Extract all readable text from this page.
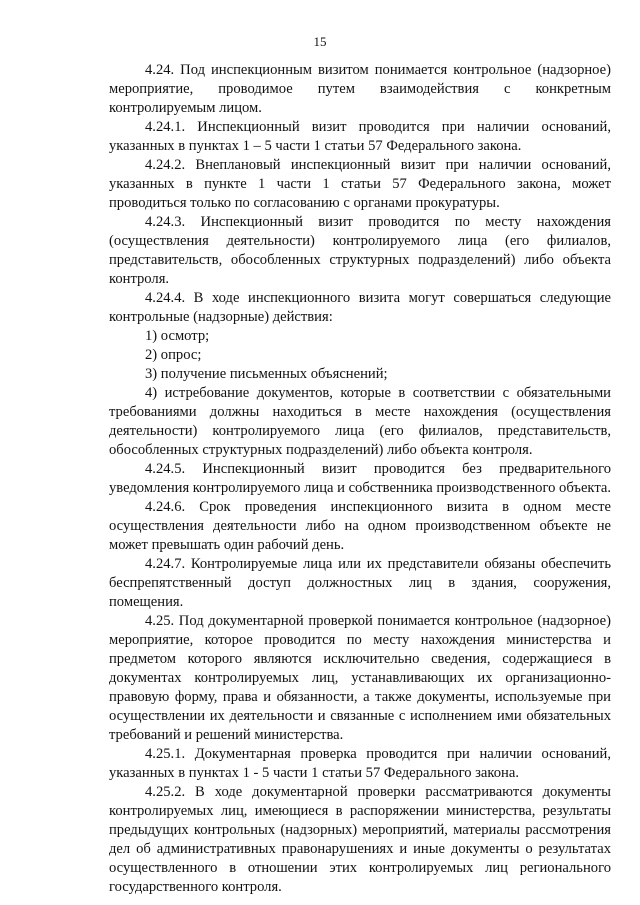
15

4.24. Под инспекционным визитом понимается контрольное (надзорное) мероприятие, проводимое путем взаимодействия с конкретным контролируемым лицом.

4.24.1. Инспекционный визит проводится при наличии оснований, указанных в пунктах 1 – 5 части 1 статьи 57 Федерального закона.

4.24.2. Внеплановый инспекционный визит при наличии оснований, указанных в пункте 1 части 1 статьи 57 Федерального закона, может проводиться только по согласованию с органами прокуратуры.

4.24.3. Инспекционный визит проводится по месту нахождения (осуществления деятельности) контролируемого лица (его филиалов, представительств, обособленных структурных подразделений) либо объекта контроля.

4.24.4. В ходе инспекционного визита могут совершаться следующие контрольные (надзорные) действия:

1) осмотр;

2) опрос;

3) получение письменных объяснений;

4) истребование документов, которые в соответствии с обязательными требованиями должны находиться в месте нахождения (осуществления деятельности) контролируемого лица (его филиалов, представительств, обособленных структурных подразделений) либо объекта контроля.

4.24.5. Инспекционный визит проводится без предварительного уведомления контролируемого лица и собственника производственного объекта.

4.24.6. Срок проведения инспекционного визита в одном месте осуществления деятельности либо на одном производственном объекте не может превышать один рабочий день.

4.24.7. Контролируемые лица или их представители обязаны обеспечить беспрепятственный доступ должностных лиц в здания, сооружения, помещения.

4.25. Под документарной проверкой понимается контрольное (надзорное) мероприятие, которое проводится по месту нахождения министерства и предметом которого являются исключительно сведения, содержащиеся в документах контролируемых лиц, устанавливающих их организационно-правовую форму, права и обязанности, а также документы, используемые при осуществлении их деятельности и связанные с исполнением ими обязательных требований и решений министерства.

4.25.1. Документарная проверка проводится при наличии оснований, указанных в пунктах 1 - 5 части 1 статьи 57 Федерального закона.

4.25.2. В ходе документарной проверки рассматриваются документы контролируемых лиц, имеющиеся в распоряжении министерства, результаты предыдущих контрольных (надзорных) мероприятий, материалы рассмотрения дел об административных правонарушениях и иные документы о результатах осуществленного в отношении этих контролируемых лиц регионального государственного контроля.
